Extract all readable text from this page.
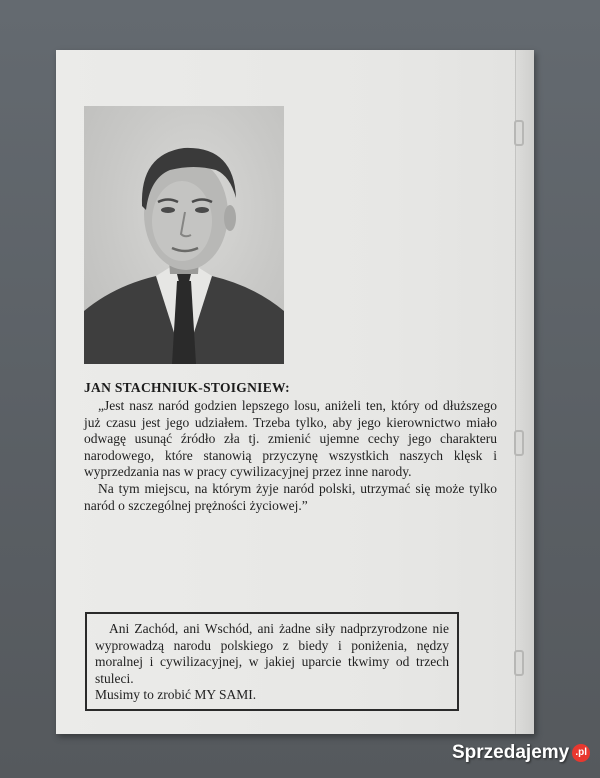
JAN STACHNIUK-STOIGNIEW:

„Jest nasz naród godzien lepszego losu, aniżeli ten, który od dłuższego już czasu jest jego udziałem. Trzeba tylko, aby jego kierownictwo miało odwagę usunąć źródło zła tj. zmienić ujemne cechy jego charakteru narodowego, które stanowią przyczynę wszystkich naszych klęsk i wyprzedzania nas w pracy cywilizacyjnej przez inne narody.

Na tym miejscu, na którym żyje naród polski, utrzymać się może tylko naród o szczególnej prężności życiowej.”

Ani Zachód, ani Wschód, ani żadne siły nadprzyrodzone nie wyprowadzą narodu polskiego z biedy i poniżenia, nędzy moralnej i cywilizacyjnej, w jakiej uparcie tkwimy od trzech stuleci.

Musimy to zrobić MY SAMI.

Sprzedajemy .pl
